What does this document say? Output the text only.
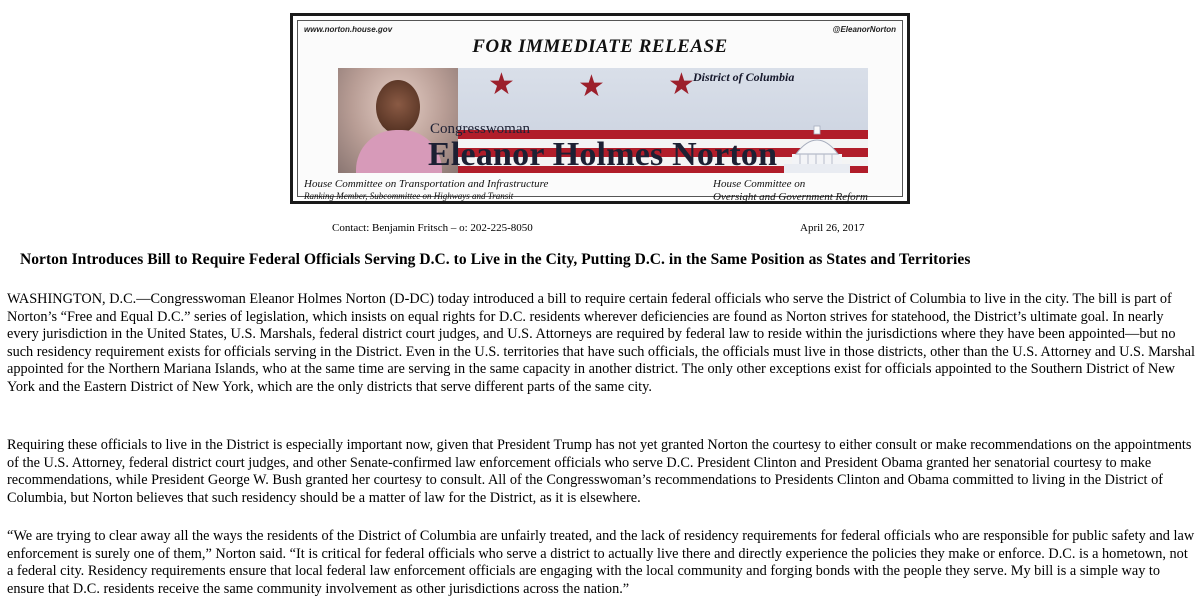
www.norton.house.gov	@EleanorNorton
FOR IMMEDIATE RELEASE
★ ★ ★
Congresswoman
Eleanor Holmes Norton
District of Columbia
House Committee on Transportation and Infrastructure
Ranking Member, Subcommittee on Highways and Transit
House Committee on
Oversight and Government Reform
Contact: Benjamin Fritsch – o: 202-225-8050	April 26, 2017
Norton Introduces Bill to Require Federal Officials Serving D.C. to Live in the City, Putting D.C. in the Same Position as States and Territories
WASHINGTON, D.C.—Congresswoman Eleanor Holmes Norton (D-DC) today introduced a bill to require certain federal officials who serve the District of Columbia to live in the city. The bill is part of Norton’s “Free and Equal D.C.” series of legislation, which insists on equal rights for D.C. residents wherever deficiencies are found as Norton strives for statehood, the District’s ultimate goal. In nearly every jurisdiction in the United States, U.S. Marshals, federal district court judges, and U.S. Attorneys are required by federal law to reside within the jurisdictions where they have been appointed—but no such residency requirement exists for officials serving in the District. Even in the U.S. territories that have such officials, the officials must live in those districts, other than the U.S. Attorney and U.S. Marshal appointed for the Northern Mariana Islands, who at the same time are serving in the same capacity in another district. The only other exceptions exist for officials appointed to the Southern District of New York and the Eastern District of New York, which are the only districts that serve different parts of the same city.
Requiring these officials to live in the District is especially important now, given that President Trump has not yet granted Norton the courtesy to either consult or make recommendations on the appointments of the U.S. Attorney, federal district court judges, and other Senate-confirmed law enforcement officials who serve D.C. President Clinton and President Obama granted her senatorial courtesy to make recommendations, while President George W. Bush granted her courtesy to consult. All of the Congresswoman’s recommendations to Presidents Clinton and Obama committed to living in the District of Columbia, but Norton believes that such residency should be a matter of law for the District, as it is elsewhere.
“We are trying to clear away all the ways the residents of the District of Columbia are unfairly treated, and the lack of residency requirements for federal officials who are responsible for public safety and law enforcement is surely one of them,” Norton said. “It is critical for federal officials who serve a district to actually live there and directly experience the policies they make or enforce. D.C. is a hometown, not a federal city. Residency requirements ensure that local federal law enforcement officials are engaging with the local community and forging bonds with the people they serve. My bill is a simple way to ensure that D.C. residents receive the same community involvement as other jurisdictions across the nation.”
